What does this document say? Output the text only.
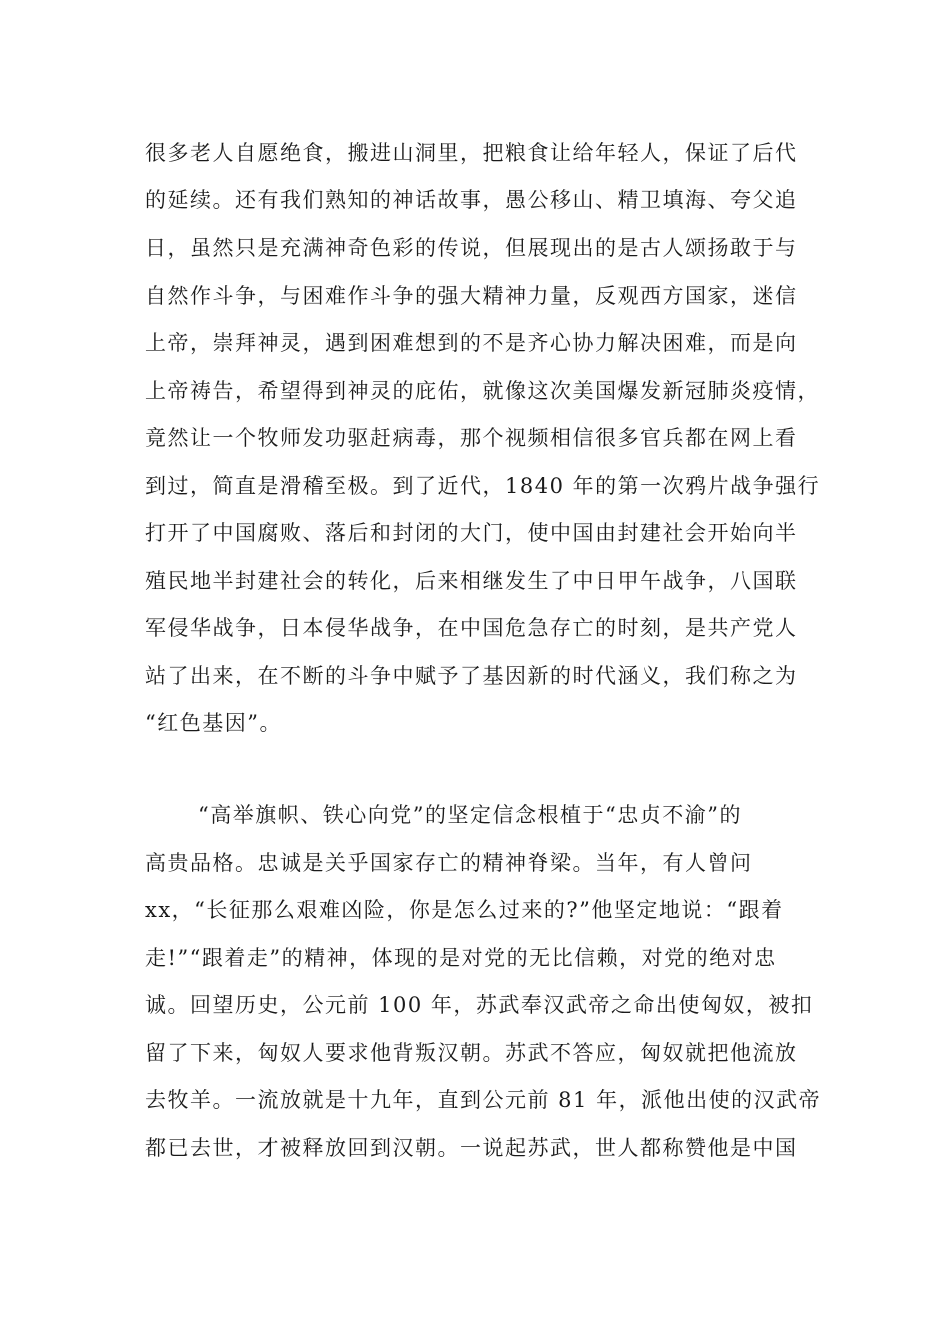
很多老人自愿绝食，搬进山洞里，把粮食让给年轻人，保证了后代
的延续。还有我们熟知的神话故事，愚公移山、精卫填海、夸父追
日，虽然只是充满神奇色彩的传说，但展现出的是古人颂扬敢于与
自然作斗争，与困难作斗争的强大精神力量，反观西方国家，迷信
上帝，崇拜神灵，遇到困难想到的不是齐心协力解决困难，而是向
上帝祷告，希望得到神灵的庇佑，就像这次美国爆发新冠肺炎疫情，
竟然让一个牧师发功驱赶病毒，那个视频相信很多官兵都在网上看
到过，简直是滑稽至极。到了近代，1840 年的第一次鸦片战争强行
打开了中国腐败、落后和封闭的大门，使中国由封建社会开始向半
殖民地半封建社会的转化，后来相继发生了中日甲午战争，八国联
军侵华战争，日本侵华战争，在中国危急存亡的时刻，是共产党人
站了出来，在不断的斗争中赋予了基因新的时代涵义，我们称之为
“红色基因”。
“高举旗帜、铁心向党”的坚定信念根植于“忠贞不渝”的
高贵品格。忠诚是关乎国家存亡的精神脊梁。当年，有人曾问
xx，“长征那么艰难凶险，你是怎么过来的?”他坚定地说：“跟着
走!”“跟着走”的精神，体现的是对党的无比信赖，对党的绝对忠
诚。回望历史，公元前 100 年，苏武奉汉武帝之命出使匈奴，被扣
留了下来，匈奴人要求他背叛汉朝。苏武不答应，匈奴就把他流放
去牧羊。一流放就是十九年，直到公元前 81 年，派他出使的汉武帝
都已去世，才被释放回到汉朝。一说起苏武，世人都称赞他是中国
